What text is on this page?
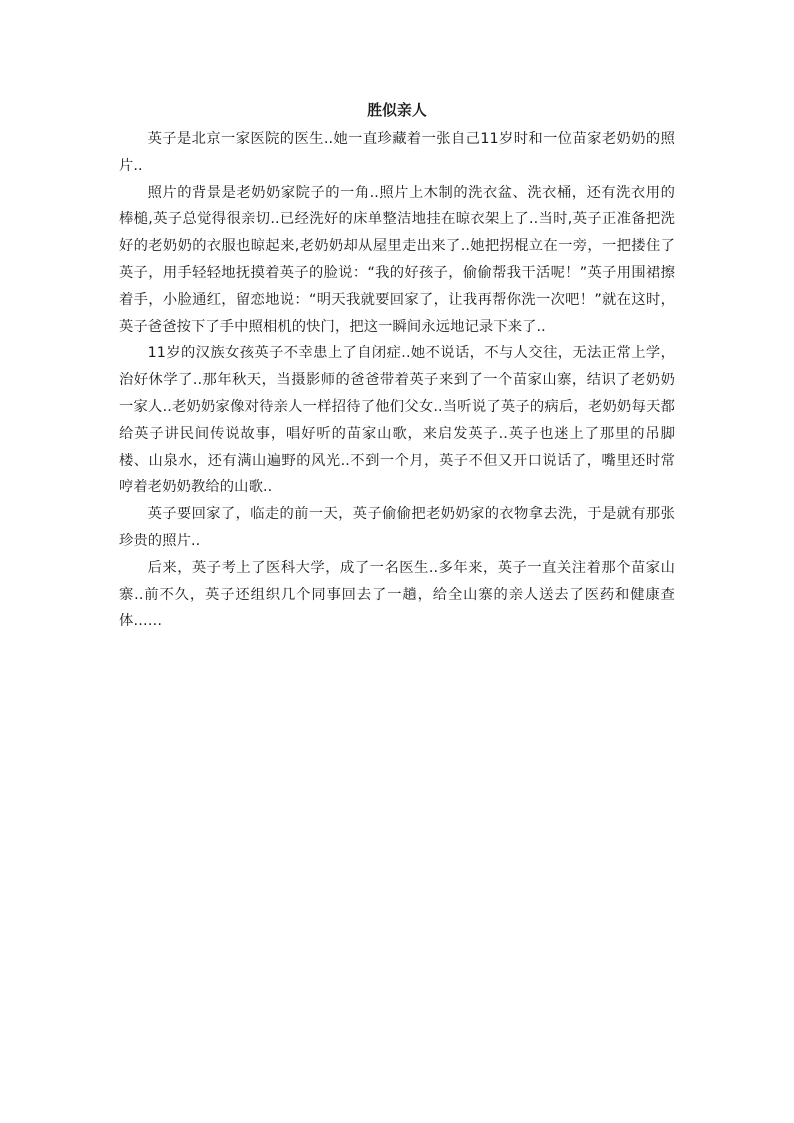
胜似亲人

英子是北京一家医院的医生..她一直珍藏着一张自己11岁时和一位苗家老奶奶的照片..

照片的背景是老奶奶家院子的一角..照片上木制的洗衣盆、洗衣桶，还有洗衣用的棒槌,英子总觉得很亲切..已经洗好的床单整洁地挂在晾衣架上了..当时,英子正准备把洗好的老奶奶的衣服也晾起来,老奶奶却从屋里走出来了..她把拐棍立在一旁，一把搂住了英子，用手轻轻地抚摸着英子的脸说：“我的好孩子，偷偷帮我干活呢！”英子用围裙擦着手，小脸通红，留恋地说：“明天我就要回家了，让我再帮你洗一次吧！”就在这时，英子爸爸按下了手中照相机的快门，把这一瞬间永远地记录下来了..

11岁的汉族女孩英子不幸患上了自闭症..她不说话，不与人交往，无法正常上学，治好休学了..那年秋天，当摄影师的爸爸带着英子来到了一个苗家山寨，结识了老奶奶一家人..老奶奶家像对待亲人一样招待了他们父女..当听说了英子的病后，老奶奶每天都给英子讲民间传说故事，唱好听的苗家山歌，来启发英子..英子也迷上了那里的吊脚楼、山泉水，还有满山遍野的风光..不到一个月，英子不但又开口说话了，嘴里还时常哼着老奶奶教给的山歌..

英子要回家了，临走的前一天，英子偷偷把老奶奶家的衣物拿去洗，于是就有那张珍贵的照片..

后来，英子考上了医科大学，成了一名医生..多年来，英子一直关注着那个苗家山寨..前不久，英子还组织几个同事回去了一趟，给全山寨的亲人送去了医药和健康查体……
